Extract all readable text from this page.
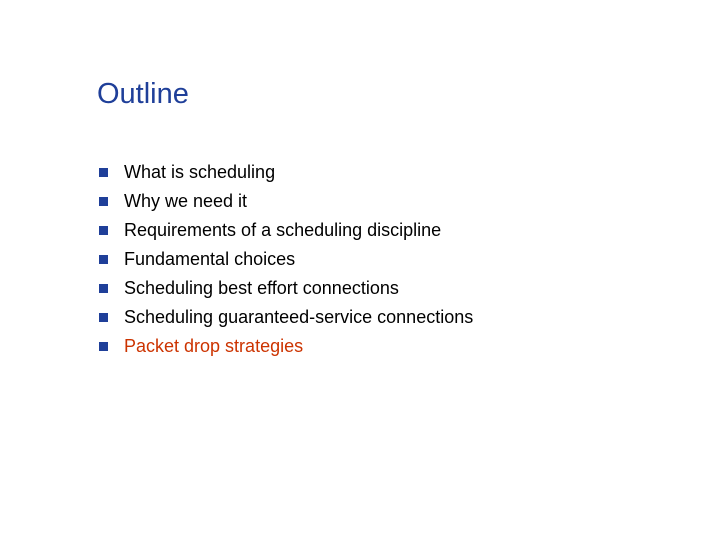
Outline
What is scheduling
Why we need it
Requirements of a scheduling discipline
Fundamental choices
Scheduling best effort connections
Scheduling guaranteed-service connections
Packet drop strategies
